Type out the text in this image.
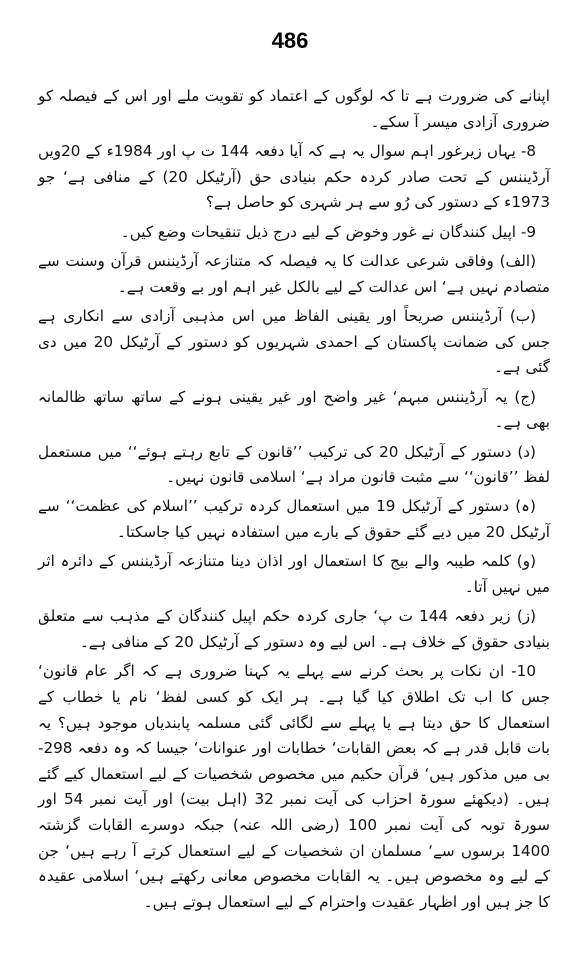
486

اپنانے کی ضرورت ہے تا کہ لوگوں کے اعتماد کو تقویت ملے اور اس کے فیصلہ کو ضروری آزادی میسر آ سکے۔

8- یہاں زیرغور اہم سوال یہ ہے کہ آیا دفعہ 144 ت پ اور 1984ء کے 20ویں آرڈیننس کے تحت صادر کردہ حکم بنیادی حق (آرٹیکل 20) کے منافی ہے‘ جو 1973ء کے دستور کی رُو سے ہر شہری کو حاصل ہے؟

9- اپیل کنندگان نے غور وخوض کے لیے درج ذیل تنقیحات وضع کیں۔

(الف) وفاقی شرعی عدالت کا یہ فیصلہ کہ متنازعہ آرڈیننس قرآن وسنت سے متصادم نہیں ہے‘ اس عدالت کے لیے بالکل غیر اہم اور بے وقعت ہے۔

(ب) آرڈیننس صریحاً اور یقینی الفاظ میں اس مذہبی آزادی سے انکاری ہے جس کی ضمانت پاکستان کے احمدی شہریوں کو دستور کے آرٹیکل 20 میں دی گئی ہے۔

(ج) یہ آرڈیننس مبہم‘ غیر واضح اور غیر یقینی ہونے کے ساتھ ساتھ ظالمانہ بھی ہے۔

(د) دستور کے آرٹیکل 20 کی ترکیب ’’قانون کے تابع رہتے ہوئے‘‘ میں مستعمل لفظ ’’قانون‘‘ سے مثبت قانون مراد ہے‘ اسلامی قانون نہیں۔

(ہ) دستور کے آرٹیکل 19 میں استعمال کردہ ترکیب ’’اسلام کی عظمت‘‘ سے آرٹیکل 20 میں دیے گئے حقوق کے بارے میں استفادہ نہیں کیا جاسکتا۔

(و) کلمہ طیبہ والے بیج کا استعمال اور اذان دینا متنازعہ آرڈیننس کے دائرہ اثر میں نہیں آتا۔

(ز) زیر دفعہ 144 ت پ‘ جاری کردہ حکم اپیل کنندگان کے مذہب سے متعلق بنیادی حقوق کے خلاف ہے۔ اس لیے وہ دستور کے آرٹیکل 20 کے منافی ہے۔

10- ان نکات پر بحث کرنے سے پہلے یہ کہنا ضروری ہے کہ اگر عام قانون‘ جس کا اب تک اطلاق کیا گیا ہے۔ ہر ایک کو کسی لفظ‘ نام یا خطاب کے استعمال کا حق دیتا ہے یا پہلے سے لگائی گئی مسلمہ پابندیاں موجود ہیں؟ یہ بات قابل قدر ہے کہ بعض القابات‘ خطابات اور عنوانات‘ جیسا کہ وہ دفعہ 298- بی میں مذکور ہیں‘ قرآن حکیم میں مخصوص شخصیات کے لیے استعمال کیے گئے ہیں۔ (دیکھئے سورۃ احزاب کی آیت نمبر 32 (اہل بیت) اور آیت نمبر 54 اور سورۃ توبہ کی آیت نمبر 100 (رضی اللہ عنہ) جبکہ دوسرے القابات گزشتہ 1400 برسوں سے‘ مسلمان ان شخصیات کے لیے استعمال کرتے آ رہے ہیں‘ جن کے لیے وہ مخصوص ہیں۔ یہ القابات مخصوص معانی رکھتے ہیں‘ اسلامی عقیدہ کا جز ہیں اور اظہار عقیدت واحترام کے لیے استعمال ہوتے ہیں۔
